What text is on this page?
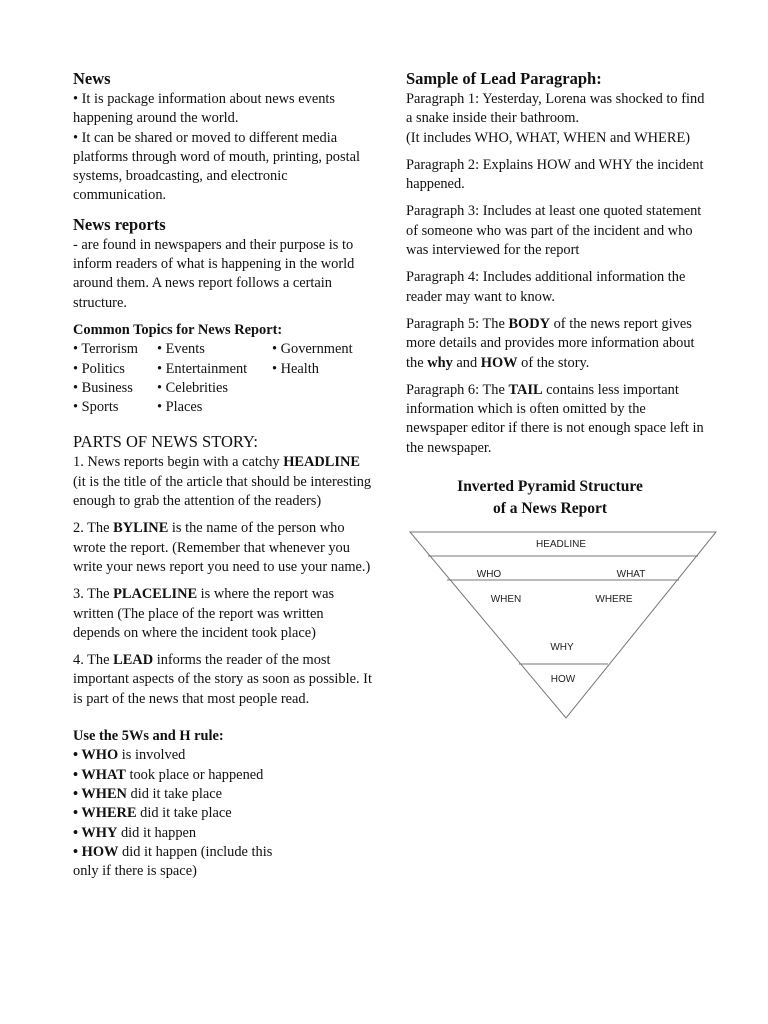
News

• It is package information about news events happening around the world.

• It can be shared or moved to different media platforms through word of mouth, printing, postal systems, broadcasting, and electronic communication.

News reports

- are found in newspapers and their purpose is to inform readers of what is happening in the world around them. A news report follows a certain structure.

Common Topics for News Report:
• Terrorism	• Events	• Government
• Politics	• Entertainment	• Health
• Business	• Celebrities
• Sports	• Places
PARTS OF NEWS STORY:

1. News reports begin with a catchy HEADLINE (it is the title of the article that should be interesting enough to grab the attention of the readers)

2. The BYLINE is the name of the person who wrote the report. (Remember that whenever you write your news report you need to use your name.)

3. The PLACELINE is where the report was written (The place of the report was written depends on where the incident took place)

4. The LEAD informs the reader of the most important aspects of the story as soon as possible. It is part of the news that most people read.

Use the 5Ws and H rule:

• WHO is involved

• WHAT took place or happened

• WHEN did it take place

• WHERE did it take place

• WHY did it happen

• HOW did it happen (include this only if there is space)

Sample of Lead Paragraph:

Paragraph 1: Yesterday, Lorena was shocked to find a snake inside their bathroom.

(It includes WHO, WHAT, WHEN and WHERE)

Paragraph 2: Explains HOW and WHY the incident happened.

Paragraph 3: Includes at least one quoted statement of someone who was part of the incident and who was interviewed for the report

Paragraph 4: Includes additional information the reader may want to know.

Paragraph 5: The BODY of the news report gives more details and provides more information about the why and HOW of the story.

Paragraph 6: The TAIL contains less important information which is often omitted by the newspaper editor if there is not enough space left in the newspaper.

Inverted Pyramid Structure
of a News Report
HEADLINE
WHO	WHAT
WHEN	WHERE
WHY
HOW
